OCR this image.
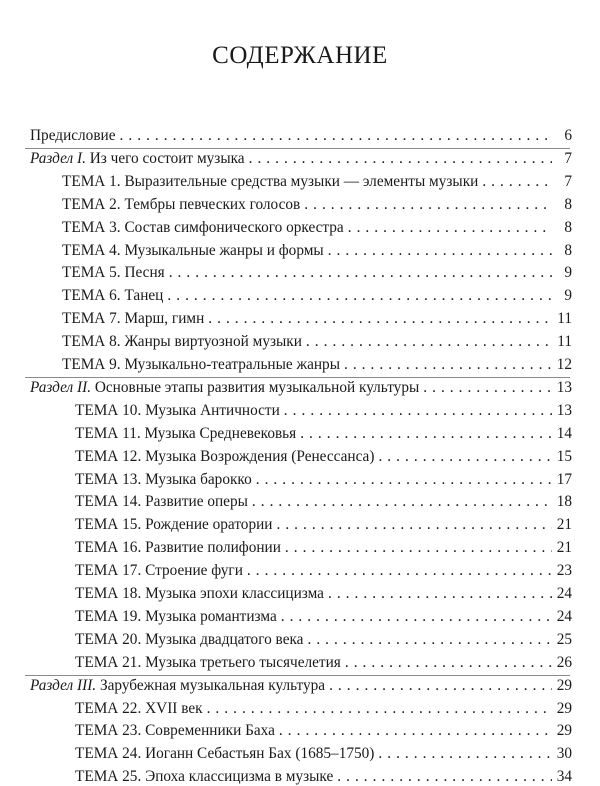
СОДЕРЖАНИЕ
Предисловие . . .	6
Раздел I. Из чего состоит музыка . . .	7
ТЕМА 1. Выразительные средства музыки — элементы музыки . . .	7
ТЕМА 2. Тембры певческих голосов . . .	8
ТЕМА 3. Состав симфонического оркестра . . .	8
ТЕМА 4. Музыкальные жанры и формы . . .	8
ТЕМА 5. Песня . . .	9
ТЕМА 6. Танец . . .	9
ТЕМА 7. Марш, гимн . . .	11
ТЕМА 8. Жанры виртуозной музыки . . .	11
ТЕМА 9. Музыкально-театральные жанры . . .	12
Раздел II. Основные этапы развития музыкальной культуры . . .	13
ТЕМА 10. Музыка Античности . . .	13
ТЕМА 11. Музыка Средневековья . . .	14
ТЕМА 12. Музыка Возрождения (Ренессанса) . . .	15
ТЕМА 13. Музыка барокко . . .	17
ТЕМА 14. Развитие оперы . . .	18
ТЕМА 15. Рождение оратории . . .	21
ТЕМА 16. Развитие полифонии . . .	21
ТЕМА 17. Строение фуги . . .	23
ТЕМА 18. Музыка эпохи классицизма . . .	24
ТЕМА 19. Музыка романтизма . . .	24
ТЕМА 20. Музыка двадцатого века . . .	25
ТЕМА 21. Музыка третьего тысячелетия . . .	26
Раздел III. Зарубежная музыкальная культура . . .	29
ТЕМА 22. XVII век . . .	29
ТЕМА 23. Современники Баха . . .	29
ТЕМА 24. Иоганн Себастьян Бах (1685–1750) . . .	30
ТЕМА 25. Эпоха классицизма в музыке . . .	34
